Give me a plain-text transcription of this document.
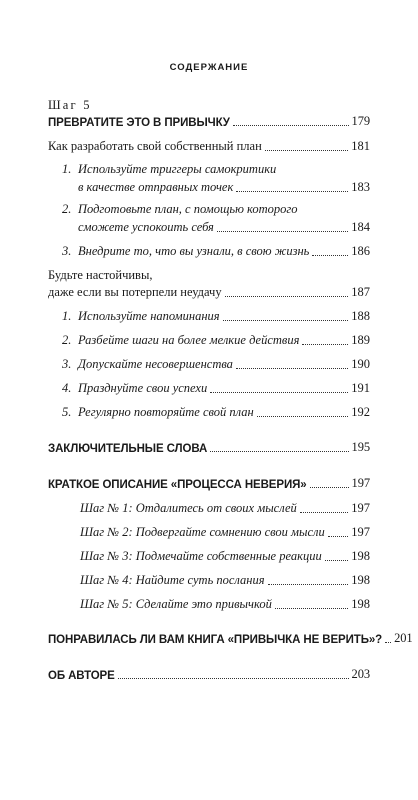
СОДЕРЖАНИЕ
Шаг 5
ПРЕВРАТИТЕ ЭТО В ПРИВЫЧКУ	179
Как разработать свой собственный план	181
1. Используйте триггеры самокритики
в качестве отправных точек	183
2. Подготовьте план, с помощью которого
сможете успокоить себя	184
3. Внедрите то, что вы узнали, в свою жизнь	186
Будьте настойчивы,
даже если вы потерпели неудачу	187
1. Используйте напоминания	188
2. Разбейте шаги на более мелкие действия	189
3. Допускайте несовершенства	190
4. Празднуйте свои успехи	191
5. Регулярно повторяйте свой план	192
ЗАКЛЮЧИТЕЛЬНЫЕ СЛОВА	195
КРАТКОЕ ОПИСАНИЕ «ПРОЦЕССА НЕВЕРИЯ»	197
Шаг № 1: Отдалитесь от своих мыслей	197
Шаг № 2: Подвергайте сомнению свои мысли 197
Шаг № 3: Подмечайте собственные реакции 198
Шаг № 4: Найдите суть послания	198
Шаг № 5: Сделайте это привычкой	198
ПОНРАВИЛАСЬ ЛИ ВАМ КНИГА «ПРИВЫЧКА НЕ ВЕРИТЬ»? 201
ОБ АВТОРЕ	203
